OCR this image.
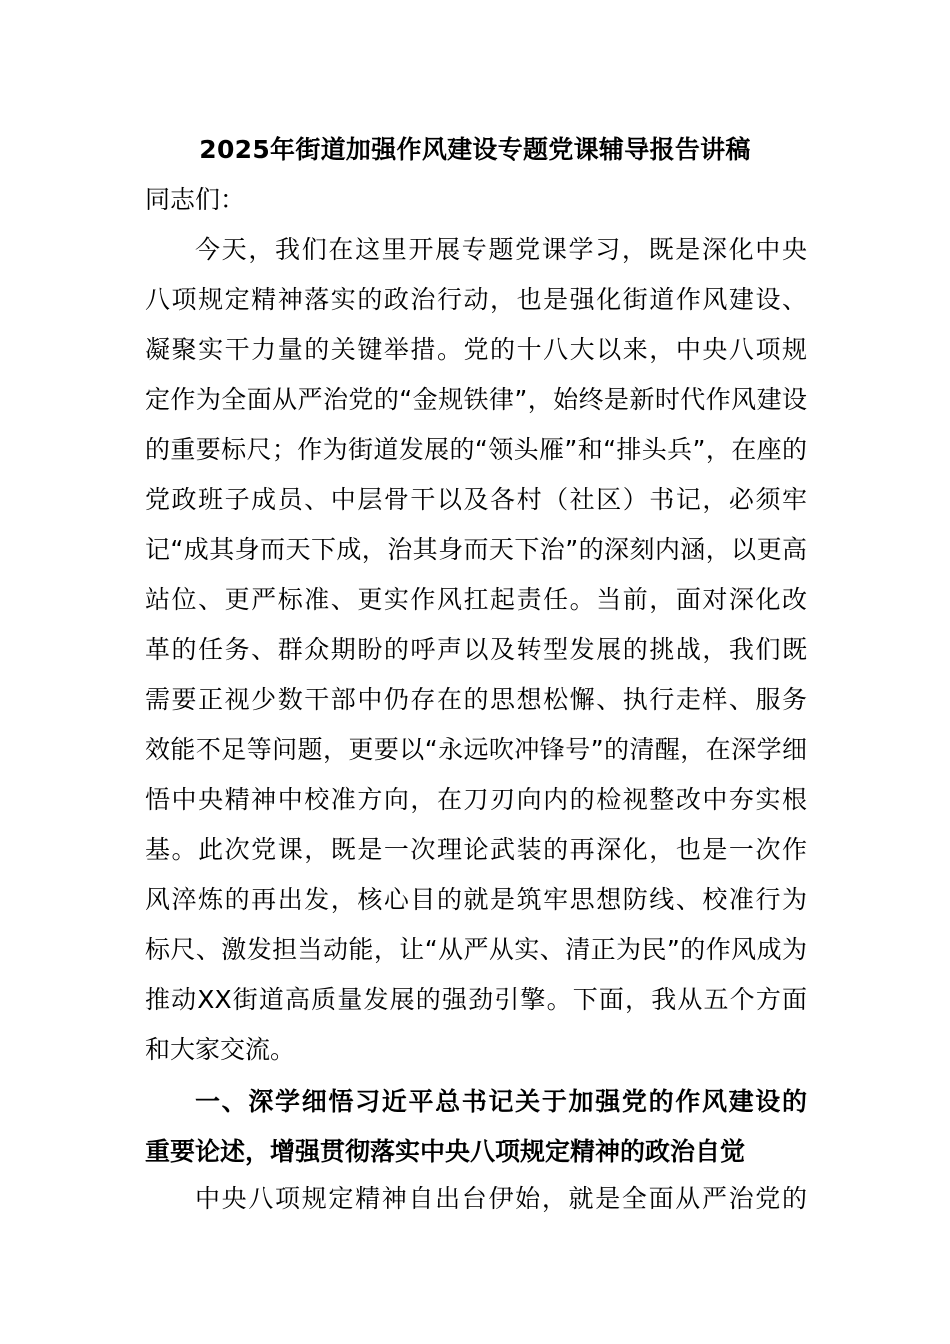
2025年街道加强作风建设专题党课辅导报告讲稿
同志们：
今天，我们在这里开展专题党课学习，既是深化中央
八项规定精神落实的政治行动，也是强化街道作风建设、
凝聚实干力量的关键举措。党的十八大以来，中央八项规
定作为全面从严治党的“金规铁律”，始终是新时代作风建设
的重要标尺；作为街道发展的“领头雁”和“排头兵”，在座的
党政班子成员、中层骨干以及各村（社区）书记，必须牢
记“成其身而天下成，治其身而天下治”的深刻内涵，以更高
站位、更严标准、更实作风扛起责任。当前，面对深化改
革的任务、群众期盼的呼声以及转型发展的挑战，我们既
需要正视少数干部中仍存在的思想松懈、执行走样、服务
效能不足等问题，更要以“永远吹冲锋号”的清醒，在深学细
悟中央精神中校准方向，在刀刃向内的检视整改中夯实根
基。此次党课，既是一次理论武装的再深化，也是一次作
风淬炼的再出发，核心目的就是筑牢思想防线、校准行为
标尺、激发担当动能，让“从严从实、清正为民”的作风成为
推动XX街道高质量发展的强劲引擎。下面，我从五个方面
和大家交流。
一、深学细悟习近平总书记关于加强党的作风建设的
重要论述，增强贯彻落实中央八项规定精神的政治自觉
中央八项规定精神自出台伊始，就是全面从严治党的
